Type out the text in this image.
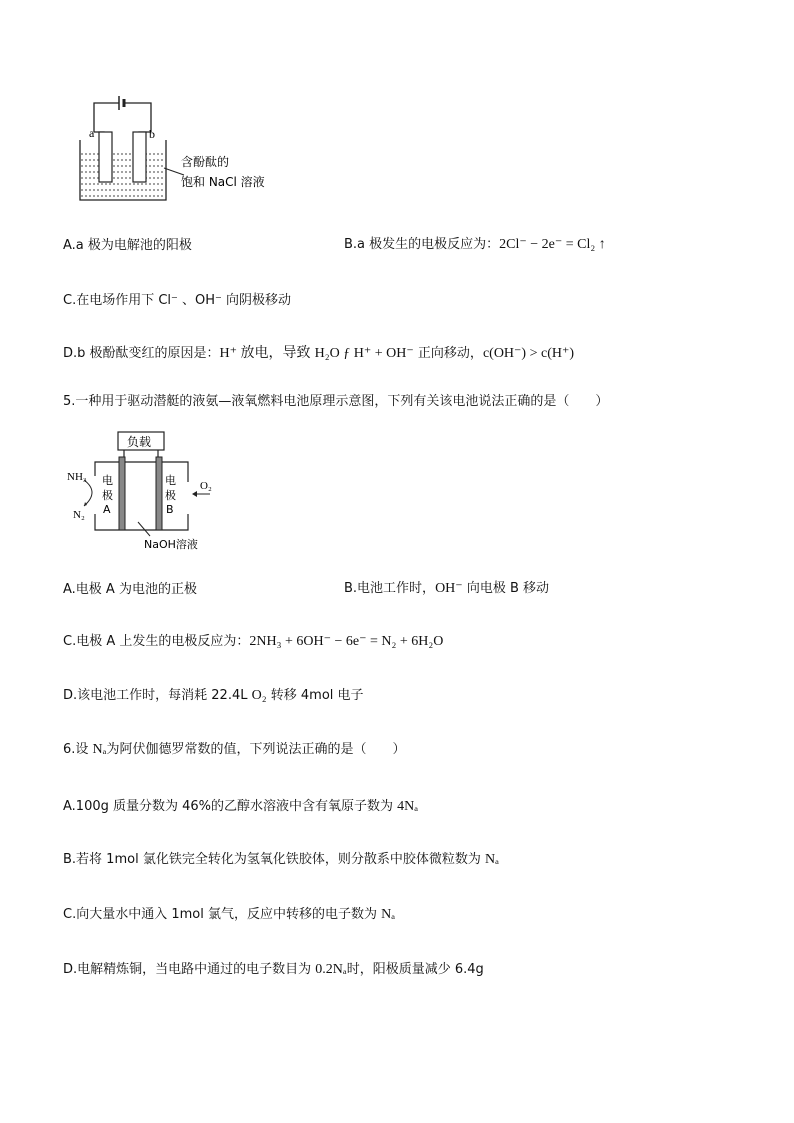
a	b
含酚酞的
饱和 NaCl 溶液
A.a 极为电解池的阳极	B.a 极发生的电极反应为：2Cl⁻ − 2e⁻ = Cl₂ ↑
C.在电场作用下 Cl⁻ 、OH⁻ 向阴极移动
D.b 极酚酞变红的原因是：H⁺ 放电，导致 H₂O ƒ H⁺ + OH⁻ 正向移动，c(OH⁻) > c(H⁺)
5.一种用于驱动潜艇的液氨—液氧燃料电池原理示意图，下列有关该电池说法正确的是（　　）
负载
电
极
A
电
极
B
NH₃
N₂
O₂
NaOH溶液
A.电极 A 为电池的正极	B.电池工作时，OH⁻ 向电极 B 移动
C.电极 A 上发生的电极反应为：2NH₃ + 6OH⁻ − 6e⁻ = N₂ + 6H₂O
D.该电池工作时，每消耗 22.4L O₂ 转移 4mol 电子
6.设 Nₐ为阿伏伽德罗常数的值，下列说法正确的是（　　）
A.100g 质量分数为 46%的乙醇水溶液中含有氧原子数为 4Nₐ
B.若将 1mol 氯化铁完全转化为氢氧化铁胶体，则分散系中胶体微粒数为 Nₐ
C.向大量水中通入 1mol 氯气，反应中转移的电子数为 Nₐ
D.电解精炼铜，当电路中通过的电子数目为 0.2Nₐ时，阳极质量减少 6.4g
